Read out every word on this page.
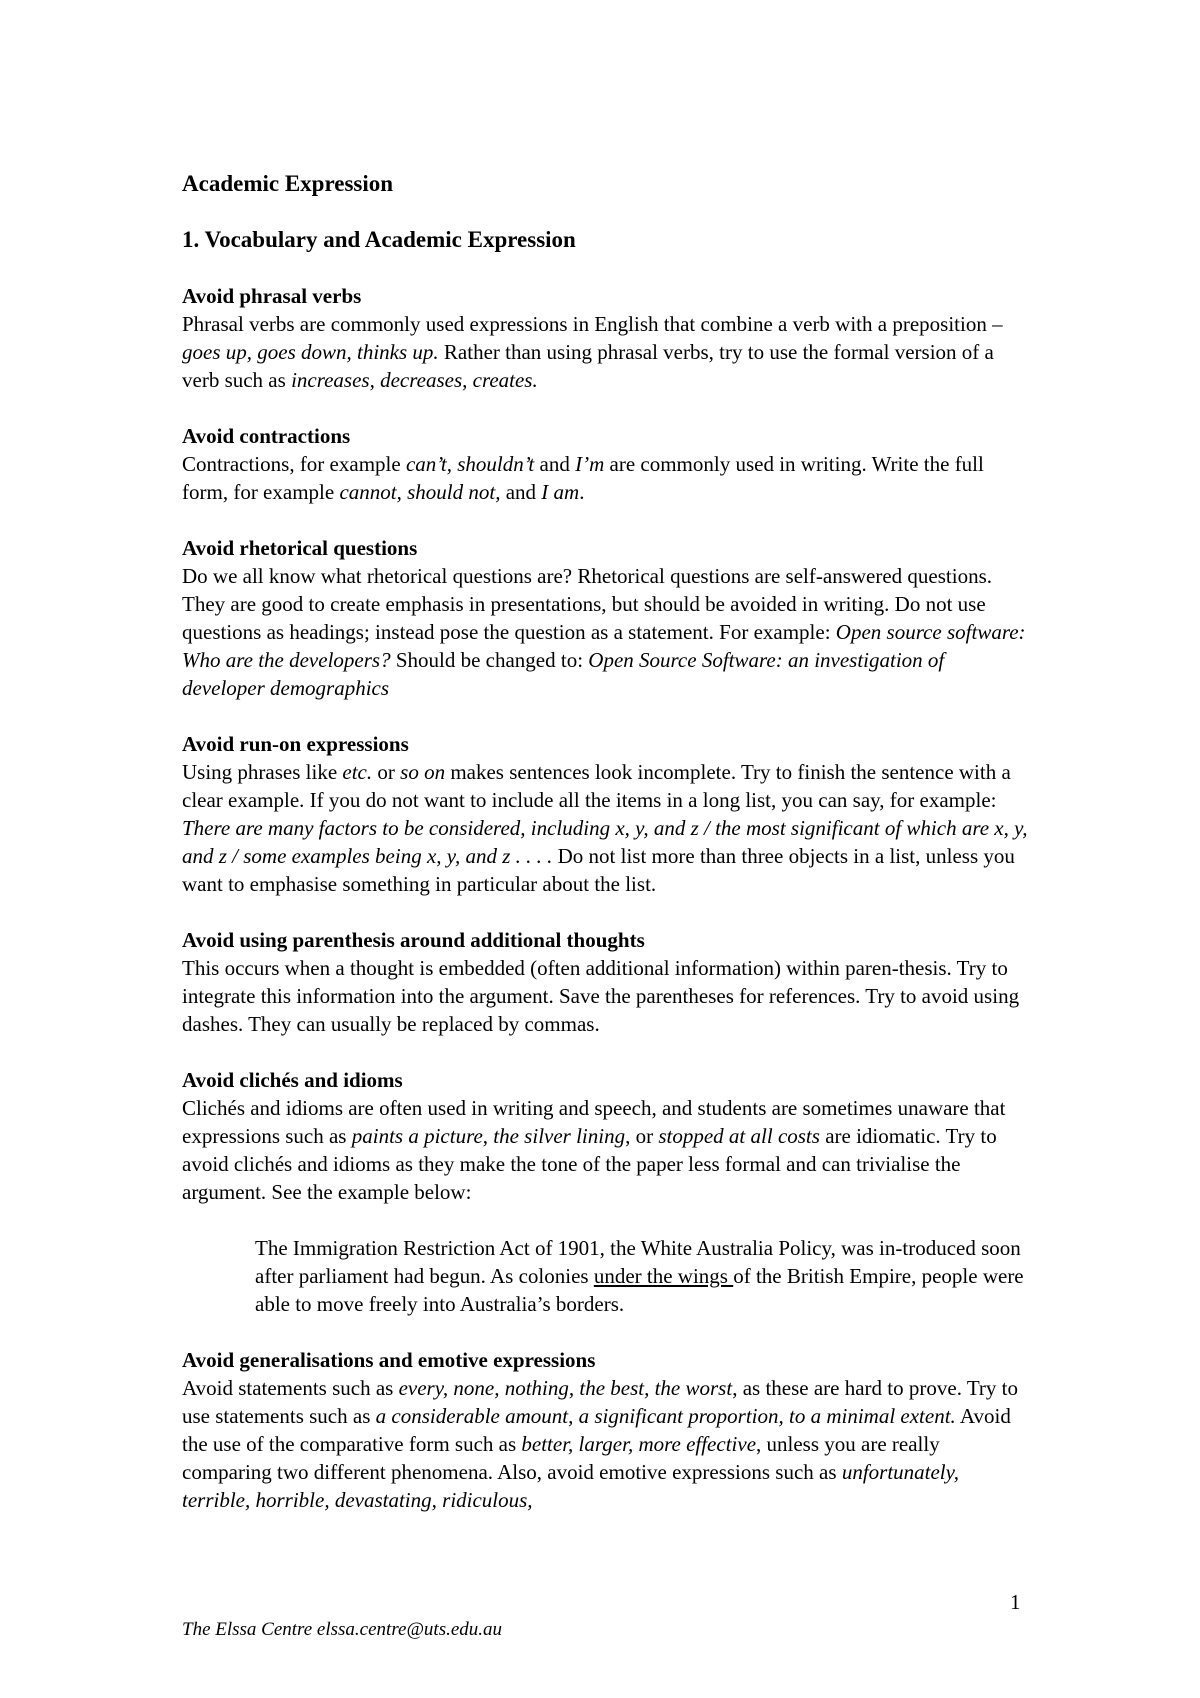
Academic Expression
1. Vocabulary and Academic Expression

Avoid phrasal verbs

Phrasal verbs are commonly used expressions in English that combine a verb with a preposition – goes up, goes down, thinks up. Rather than using phrasal verbs, try to use the formal version of a verb such as increases, decreases, creates.

Avoid contractions

Contractions, for example can’t, shouldn’t and I’m are commonly used in writing. Write the full form, for example cannot, should not, and I am.

Avoid rhetorical questions

Do we all know what rhetorical questions are? Rhetorical questions are self-answered questions. They are good to create emphasis in presentations, but should be avoided in writing. Do not use questions as headings; instead pose the question as a statement. For example: Open source software: Who are the developers? Should be changed to: Open Source Software: an investigation of developer demographics

Avoid run-on expressions

Using phrases like etc. or so on makes sentences look incomplete. Try to finish the sentence with a clear example. If you do not want to include all the items in a long list, you can say, for example: There are many factors to be considered, including x, y, and z / the most significant of which are x, y, and z / some examples being x, y, and z . . . . Do not list more than three objects in a list, unless you want to emphasise something in particular about the list.

Avoid using parenthesis around additional thoughts

This occurs when a thought is embedded (often additional information) within paren-thesis. Try to integrate this information into the argument. Save the parentheses for references. Try to avoid using dashes. They can usually be replaced by commas.

Avoid clichés and idioms

Clichés and idioms are often used in writing and speech, and students are sometimes unaware that expressions such as paints a picture, the silver lining, or stopped at all costs are idiomatic. Try to avoid clichés and idioms as they make the tone of the paper less formal and can trivialise the argument. See the example below:

The Immigration Restriction Act of 1901, the White Australia Policy, was in-troduced soon after parliament had begun. As colonies under the wings of the British Empire, people were able to move freely into Australia’s borders.

Avoid generalisations and emotive expressions

Avoid statements such as every, none, nothing, the best, the worst, as these are hard to prove. Try to use statements such as a considerable amount, a significant proportion, to a minimal extent. Avoid the use of the comparative form such as better, larger, more effective, unless you are really comparing two different phenomena. Also, avoid emotive expressions such as unfortunately, terrible, horrible, devastating, ridiculous,

1
The Elssa Centre elssa.centre@uts.edu.au
